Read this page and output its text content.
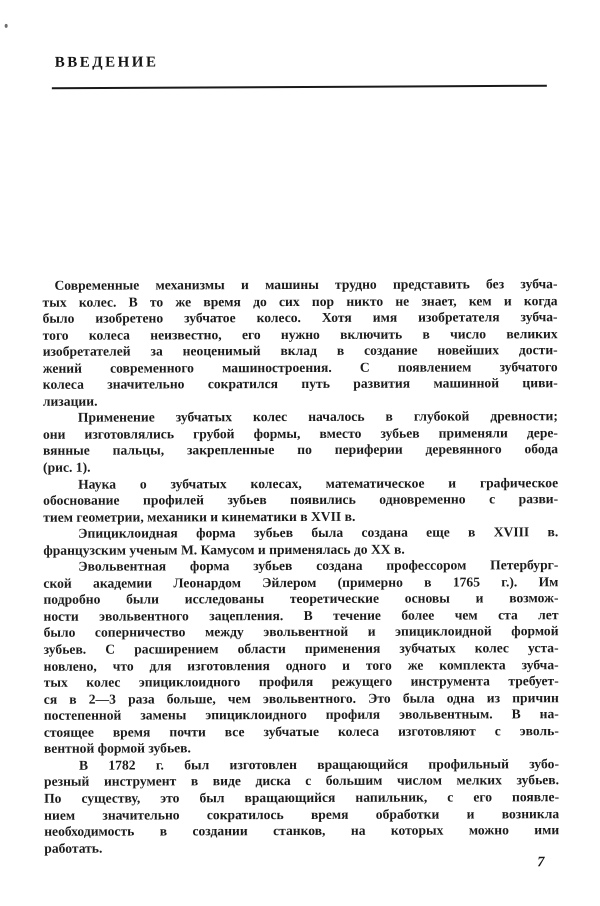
ВВЕДЕНИЕ
Современные механизмы и машины трудно представить без зубча-
тых колес. В то же время до сих пор никто не знает, кем и когда
было изобретено зубчатое колесо. Хотя имя изобретателя зубча-
того колеса неизвестно, его нужно включить в число великих
изобретателей за неоценимый вклад в создание новейших дости-
жений современного машиностроения. С появлением зубчатого
колеса значительно сократился путь развития машинной циви-
лизации.
Применение зубчатых колес началось в глубокой древности;
они изготовлялись грубой формы, вместо зубьев применяли дере-
вянные пальцы, закрепленные по периферии деревянного обода
(рис. 1).
Наука о зубчатых колесах, математическое и графическое
обоснование профилей зубьев появились одновременно с разви-
тием геометрии, механики и кинематики в XVII в.
Эпициклоидная форма зубьев была создана еще в XVIII в.
французским ученым М. Камусом и применялась до XX в.
Эвольвентная форма зубьев создана профессором Петербург-
ской академии Леонардом Эйлером (примерно в 1765 г.). Им
подробно были исследованы теоретические основы и возмож-
ности эвольвентного зацепления. В течение более чем ста лет
было соперничество между эвольвентной и эпициклоидной формой
зубьев. С расширением области применения зубчатых колес уста-
новлено, что для изготовления одного и того же комплекта зубча-
тых колес эпициклоидного профиля режущего инструмента требует-
ся в 2—3 раза больше, чем эвольвентного. Это была одна из причин
постепенной замены эпициклоидного профиля эвольвентным. В на-
стоящее время почти все зубчатые колеса изготовляют с эволь-
вентной формой зубьев.
В 1782 г. был изготовлен вращающийся профильный зубо-
резный инструмент в виде диска с большим числом мелких зубьев.
По существу, это был вращающийся напильник, с его появле-
нием значительно сократилось время обработки и возникла
необходимость в создании станков, на которых можно ими
работать.
7
